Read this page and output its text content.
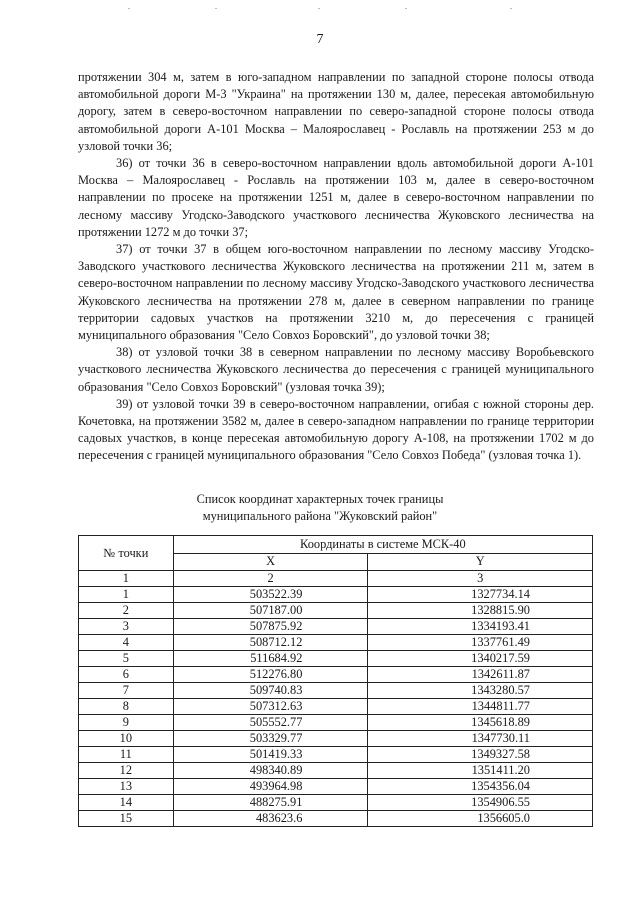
7

протяжении 304 м, затем в юго-западном направлении по западной стороне полосы отвода автомобильной дороги М-3 "Украина" на протяжении 130 м, далее, пересекая автомобильную дорогу, затем в северо-восточном направлении по северо-западной стороне полосы отвода автомобильной дороги А-101 Москва – Малоярославец - Рославль на протяжении 253 м до узловой точки 36;

36) от точки 36 в северо-восточном направлении вдоль автомобильной дороги А-101 Москва – Малоярославец - Рославль на протяжении 103 м, далее в северо-восточном направлении по просеке на протяжении 1251 м, далее в северо-восточном направлении по лесному массиву Угодско-Заводского участкового лесничества Жуковского лесничества на протяжении 1272 м до точки 37;

37) от точки 37 в общем юго-восточном направлении по лесному массиву Угодско-Заводского участкового лесничества Жуковского лесничества на протяжении 211 м, затем в северо-восточном направлении по лесному массиву Угодско-Заводского участкового лесничества Жуковского лесничества на протяжении 278 м, далее в северном направлении по границе территории садовых участков на протяжении 3210 м, до пересечения с границей муниципального образования "Село Совхоз Боровский", до узловой точки 38;

38) от узловой точки 38 в северном направлении по лесному массиву Воробьевского участкового лесничества Жуковского лесничества до пересечения с границей муниципального образования "Село Совхоз Боровский" (узловая точка 39);

39) от узловой точки 39 в северо-восточном направлении, огибая с южной стороны дер. Кочетовка, на протяжении 3582 м, далее в северо-западном направлении по границе территории садовых участков, в конце пересекая автомобильную дорогу А-108, на протяжении 1702 м до пересечения с границей муниципального образования "Село Совхоз Победа" (узловая точка 1).

Список координат характерных точек границы
муниципального района "Жуковский район"
№ точки	Координаты в системе МСК-40	
	X	Y
1	2	3
1	503522.39	1327734.14
2	507187.00	1328815.90
3	507875.92	1334193.41
4	508712.12	1337761.49
5	511684.92	1340217.59
6	512276.80	1342611.87
7	509740.83	1343280.57
8	507312.63	1344811.77
9	505552.77	1345618.89
10	503329.77	1347730.11
11	501419.33	1349327.58
12	498340.89	1351411.20
13	493964.98	1354356.04
14	488275.91	1354906.55
15	483623.6	1356605.0
